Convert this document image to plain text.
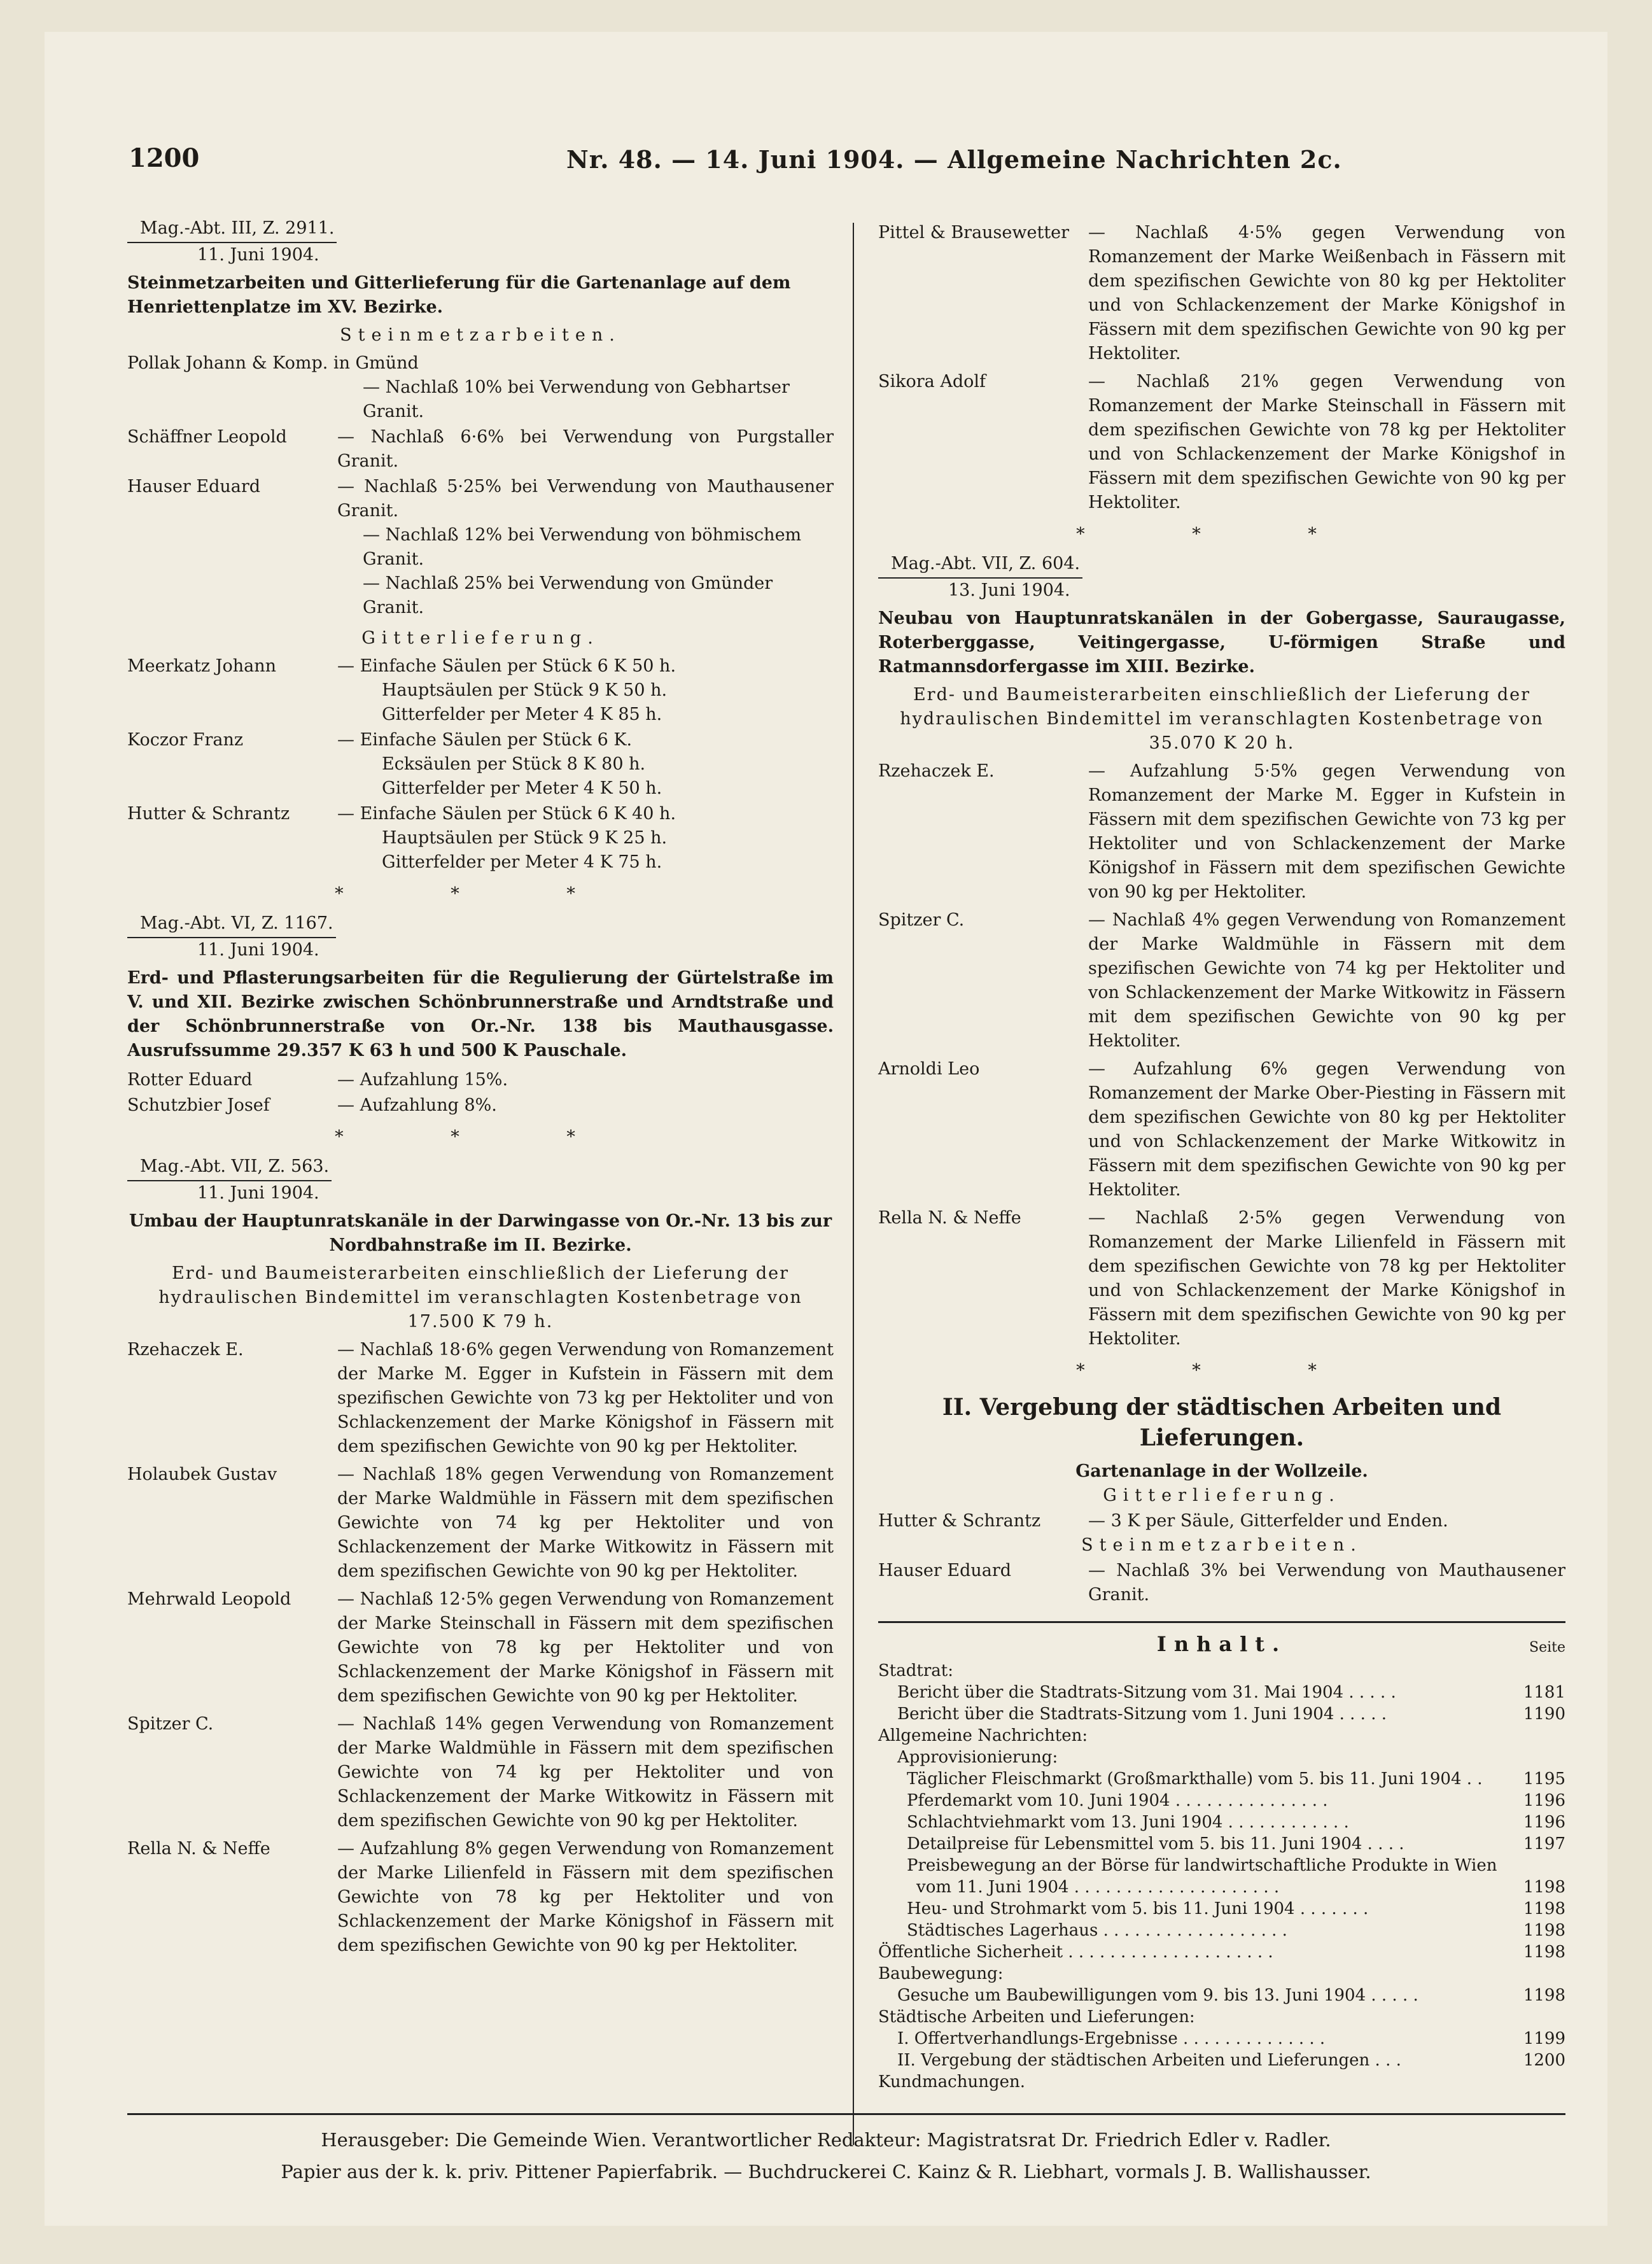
1200	Nr. 48. — 14. Juni 1904. — Allgemeine Nachrichten 2c.
Mag.-Abt. III, Z. 2911.

11. Juni 1904.

Steinmetzarbeiten und Gitterlieferung für die Gartenanlage auf dem Henriettenplatze im XV. Bezirke.

Steinmetzarbeiten.

Pollak Johann & Komp. in Gmünd

— Nachlaß 10% bei Verwendung von Gebhartser Granit.

Schäffner Leopold	— Nachlaß 6·6% bei Verwendung von Purgstaller Granit.
Hauser Eduard	— Nachlaß 5·25% bei Verwendung von Mauthausener Granit.

— Nachlaß 12% bei Verwendung von böhmischem Granit.

— Nachlaß 25% bei Verwendung von Gmünder Granit.

Gitterlieferung.

Meerkatz Johann	— Einfache Säulen per Stück 6 K 50 h.

Hauptsäulen per Stück 9 K 50 h.

Gitterfelder per Meter 4 K 85 h.

Koczor Franz	— Einfache Säulen per Stück 6 K.

Ecksäulen per Stück 8 K 80 h.

Gitterfelder per Meter 4 K 50 h.

Hutter & Schrantz	— Einfache Säulen per Stück 6 K 40 h.

Hauptsäulen per Stück 9 K 25 h.

Gitterfelder per Meter 4 K 75 h.

* * *
Mag.-Abt. VI, Z. 1167.

11. Juni 1904.

Erd- und Pflasterungsarbeiten für die Regulierung der Gürtelstraße im V. und XII. Bezirke zwischen Schönbrunnerstraße und Arndtstraße und der Schönbrunnerstraße von Or.-Nr. 138 bis Mauthausgasse. Ausrufssumme 29.357 K 63 h und 500 K Pauschale.

Rotter Eduard	— Aufzahlung 15%.
Schutzbier Josef	— Aufzahlung 8%.
* * *
Mag.-Abt. VII, Z. 563.

11. Juni 1904.

Umbau der Hauptunratskanäle in der Darwingasse von Or.-Nr. 13 bis zur Nordbahnstraße im II. Bezirke.

Erd- und Baumeisterarbeiten einschließlich der Lieferung der hydraulischen Bindemittel im veranschlagten Kostenbetrage von 17.500 K 79 h.

Rzehaczek E.	— Nachlaß 18·6% gegen Verwendung von Romanzement der Marke M. Egger in Kufstein in Fässern mit dem spezifischen Gewichte von 73 kg per Hektoliter und von Schlackenzement der Marke Königshof in Fässern mit dem spezifischen Gewichte von 90 kg per Hektoliter.
Holaubek Gustav	— Nachlaß 18% gegen Verwendung von Romanzement der Marke Waldmühle in Fässern mit dem spezifischen Gewichte von 74 kg per Hektoliter und von Schlackenzement der Marke Witkowitz in Fässern mit dem spezifischen Gewichte von 90 kg per Hektoliter.
Mehrwald Leopold	— Nachlaß 12·5% gegen Verwendung von Romanzement der Marke Steinschall in Fässern mit dem spezifischen Gewichte von 78 kg per Hektoliter und von Schlackenzement der Marke Königshof in Fässern mit dem spezifischen Gewichte von 90 kg per Hektoliter.
Spitzer C.	— Nachlaß 14% gegen Verwendung von Romanzement der Marke Waldmühle in Fässern mit dem spezifischen Gewichte von 74 kg per Hektoliter und von Schlackenzement der Marke Witkowitz in Fässern mit dem spezifischen Gewichte von 90 kg per Hektoliter.
Rella N. & Neffe	— Aufzahlung 8% gegen Verwendung von Romanzement der Marke Lilienfeld in Fässern mit dem spezifischen Gewichte von 78 kg per Hektoliter und von Schlackenzement der Marke Königshof in Fässern mit dem spezifischen Gewichte von 90 kg per Hektoliter.
Pittel & Brausewetter	— Nachlaß 4·5% gegen Verwendung von Romanzement der Marke Weißenbach in Fässern mit dem spezifischen Gewichte von 80 kg per Hektoliter und von Schlackenzement der Marke Königshof in Fässern mit dem spezifischen Gewichte von 90 kg per Hektoliter.
Sikora Adolf	— Nachlaß 21% gegen Verwendung von Romanzement der Marke Steinschall in Fässern mit dem spezifischen Gewichte von 78 kg per Hektoliter und von Schlackenzement der Marke Königshof in Fässern mit dem spezifischen Gewichte von 90 kg per Hektoliter.
* * *
Mag.-Abt. VII, Z. 604.

13. Juni 1904.

Neubau von Hauptunratskanälen in der Gobergasse, Sauraugasse, Roterberggasse, Veitingergasse, U-förmigen Straße und Ratmannsdorfergasse im XIII. Bezirke.

Erd- und Baumeisterarbeiten einschließlich der Lieferung der hydraulischen Bindemittel im veranschlagten Kostenbetrage von 35.070 K 20 h.

Rzehaczek E.	— Aufzahlung 5·5% gegen Verwendung von Romanzement der Marke M. Egger in Kufstein in Fässern mit dem spezifischen Gewichte von 73 kg per Hektoliter und von Schlackenzement der Marke Königshof in Fässern mit dem spezifischen Gewichte von 90 kg per Hektoliter.
Spitzer C.	— Nachlaß 4% gegen Verwendung von Romanzement der Marke Waldmühle in Fässern mit dem spezifischen Gewichte von 74 kg per Hektoliter und von Schlackenzement der Marke Witkowitz in Fässern mit dem spezifischen Gewichte von 90 kg per Hektoliter.
Arnoldi Leo	— Aufzahlung 6% gegen Verwendung von Romanzement der Marke Ober-Piesting in Fässern mit dem spezifischen Gewichte von 80 kg per Hektoliter und von Schlackenzement der Marke Witkowitz in Fässern mit dem spezifischen Gewichte von 90 kg per Hektoliter.
Rella N. & Neffe	— Nachlaß 2·5% gegen Verwendung von Romanzement der Marke Lilienfeld in Fässern mit dem spezifischen Gewichte von 78 kg per Hektoliter und von Schlackenzement der Marke Königshof in Fässern mit dem spezifischen Gewichte von 90 kg per Hektoliter.
* * *

II. Vergebung der städtischen Arbeiten und Lieferungen.

Gartenanlage in der Wollzeile.

Gitterlieferung.

Hutter & Schrantz	— 3 K per Säule, Gitterfelder und Enden.

Steinmetzarbeiten.

Hauser Eduard	— Nachlaß 3% bei Verwendung von Mauthausener Granit.
Inhalt.	Seite
Stadtrat:
Bericht über die Stadtrats-Sitzung vom 31. Mai 1904 . . . . .	1181
Bericht über die Stadtrats-Sitzung vom 1. Juni 1904 . . . . .	1190
Allgemeine Nachrichten:
Approvisionierung:
Täglicher Fleischmarkt (Großmarkthalle) vom 5. bis 11. Juni 1904 . . 1195
Pferdemarkt vom 10. Juni 1904 . . . . . . . . . . . . . . .	1196
Schlachtviehmarkt vom 13. Juni 1904 . . . . . . . . . . . .	1196
Detailpreise für Lebensmittel vom 5. bis 11. Juni 1904 . . . .	1197
Preisbewegung an der Börse für landwirtschaftliche Produkte in Wien
vom 11. Juni 1904 . . . . . . . . . . . . . . . . . . . .	1198
Heu- und Strohmarkt vom 5. bis 11. Juni 1904 . . . . . . .	1198
Städtisches Lagerhaus . . . . . . . . . . . . . . . . . .	1198
Öffentliche Sicherheit . . . . . . . . . . . . . . . . . . . .	1198
Baubewegung:
Gesuche um Baubewilligungen vom 9. bis 13. Juni 1904 . . . . .	1198
Städtische Arbeiten und Lieferungen:
I. Offertverhandlungs-Ergebnisse . . . . . . . . . . . . . .	1199
II. Vergebung der städtischen Arbeiten und Lieferungen . . .	1200
Kundmachungen.
Herausgeber: Die Gemeinde Wien. Verantwortlicher Redakteur: Magistratsrat Dr. Friedrich Edler v. Radler.
Papier aus der k. k. priv. Pittener Papierfabrik. — Buchdruckerei C. Kainz & R. Liebhart, vormals J. B. Wallishausser.
